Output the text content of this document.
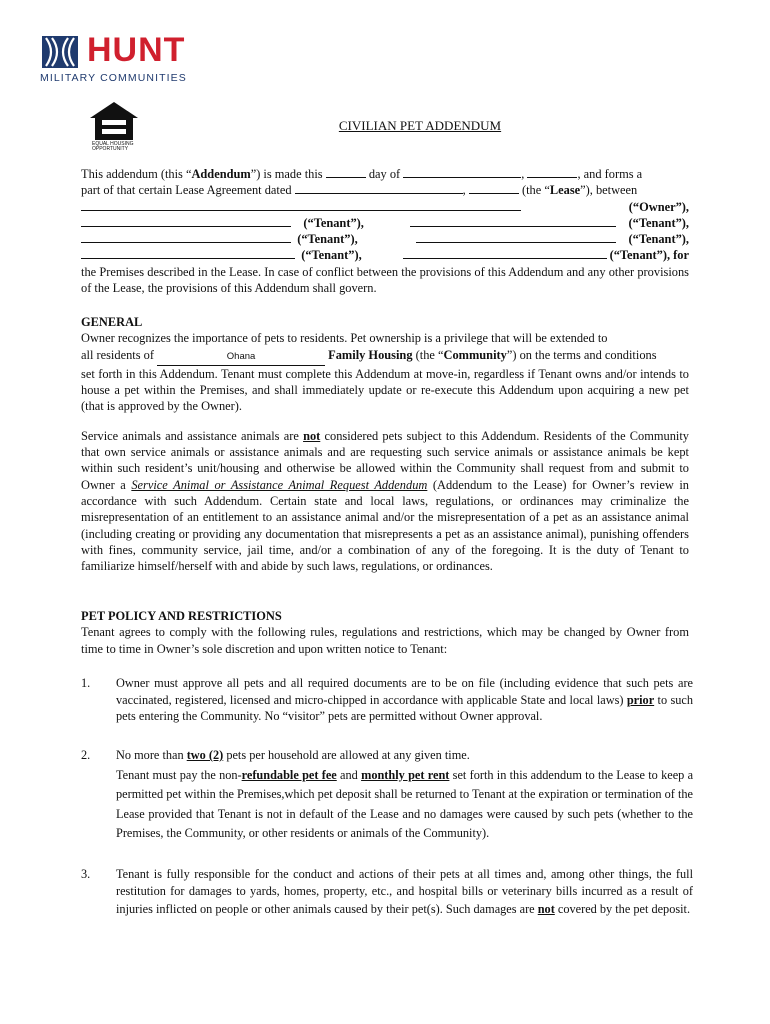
HUNT
MILITARY COMMUNITIES
EQUAL HOUSING OPPORTUNITY
CIVILIAN PET ADDENDUM
This addendum (this “Addendum”) is made this	day of	,	, and forms a
part of that certain Lease Agreement dated	,	(the “Lease”), between
(“Owner”),
(“Tenant”),	(“Tenant”),
(“Tenant”),	(“Tenant”),
(“Tenant”),	(“Tenant”), for
the Premises described in the Lease. In case of conflict between the provisions of this Addendum and any other provisions of the Lease, the provisions of this Addendum shall govern.
GENERAL
Owner recognizes the importance of pets to residents. Pet ownership is a privilege that will be extended to
all residents of	Ohana	Family Housing (the “Community”) on the terms and conditions
set forth in this Addendum. Tenant must complete this Addendum at move-in, regardless if Tenant owns and/or intends to house a pet within the Premises, and shall immediately update or re-execute this Addendum upon acquiring a new pet (that is approved by the Owner).
Service animals and assistance animals are not considered pets subject to this Addendum. Residents of the Community that own service animals or assistance animals and are requesting such service animals or assistance animals be kept within such resident’s unit/housing and otherwise be allowed within the Community shall request from and submit to Owner a Service Animal or Assistance Animal Request Addendum (Addendum to the Lease) for Owner’s review in accordance with such Addendum. Certain state and local laws, regulations, or ordinances may criminalize the misrepresentation of an entitlement to an assistance animal and/or the misrepresentation of a pet as an assistance animal (including creating or providing any documentation that misrepresents a pet as an assistance animal), punishing offenders with fines, community service, jail time, and/or a combination of any of the foregoing. It is the duty of Tenant to familiarize himself/herself with and abide by such laws, regulations, or ordinances.
PET POLICY AND RESTRICTIONS
Tenant agrees to comply with the following rules, regulations and restrictions, which may be changed by Owner from time to time in Owner’s sole discretion and upon written notice to Tenant:
1. Owner must approve all pets and all required documents are to be on file (including evidence that such pets are vaccinated, registered, licensed and micro-chipped in accordance with applicable State and local laws) prior to such pets entering the Community. No “visitor” pets are permitted without Owner approval.
2. No more than two (2) pets per household are allowed at any given time.
Tenant must pay the non-refundable pet fee and monthly pet rent set forth in this addendum to the Lease to keep a permitted pet within the Premises,which pet deposit shall be returned to Tenant at the expiration or termination of the Lease provided that Tenant is not in default of the Lease and no damages were caused by such pets (whether to the Premises, the Community, or other residents or animals of the Community).
3. Tenant is fully responsible for the conduct and actions of their pets at all times and, among other things, the full restitution for damages to yards, homes, property, etc., and hospital bills or veterinary bills incurred as a result of injuries inflicted on people or other animals caused by their pet(s). Such damages are not covered by the pet deposit.
